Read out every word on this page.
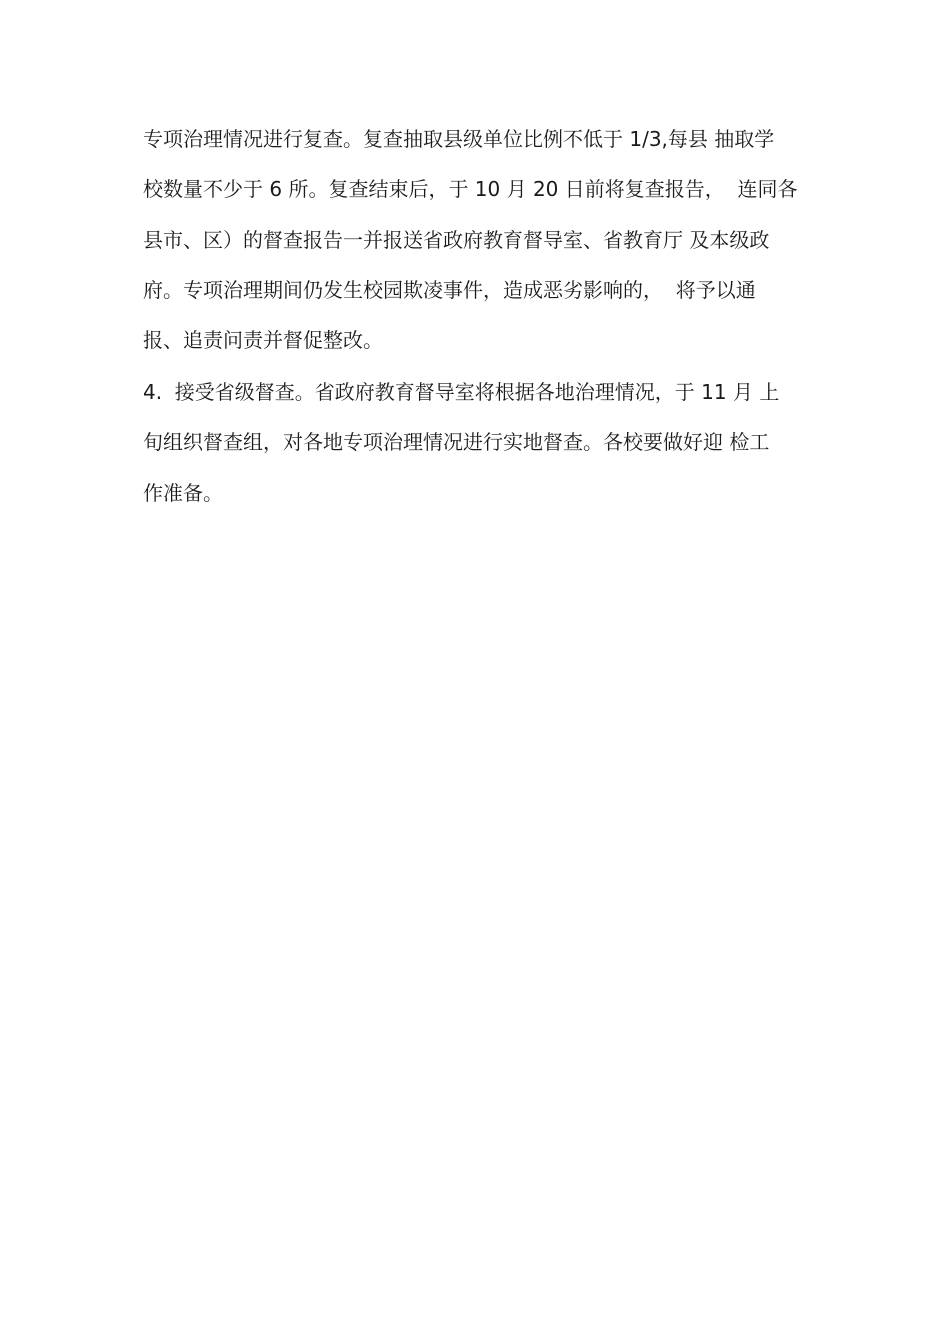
专项治理情况进行复查。复查抽取县级单位比例不低于 1/3,每县 抽取学
校数量不少于 6 所。复查结束后，于 10 月 20 日前将复查报告，  连同各
县市、区）的督查报告一并报送省政府教育督导室、省教育厅 及本级政
府。专项治理期间仍发生校园欺凌事件，造成恶劣影响的，  将予以通
报、追责问责并督促整改。
4.  接受省级督查。省政府教育督导室将根据各地治理情况，于 11 月 上
旬组织督查组，对各地专项治理情况进行实地督查。各校要做好迎 检工
作准备。
